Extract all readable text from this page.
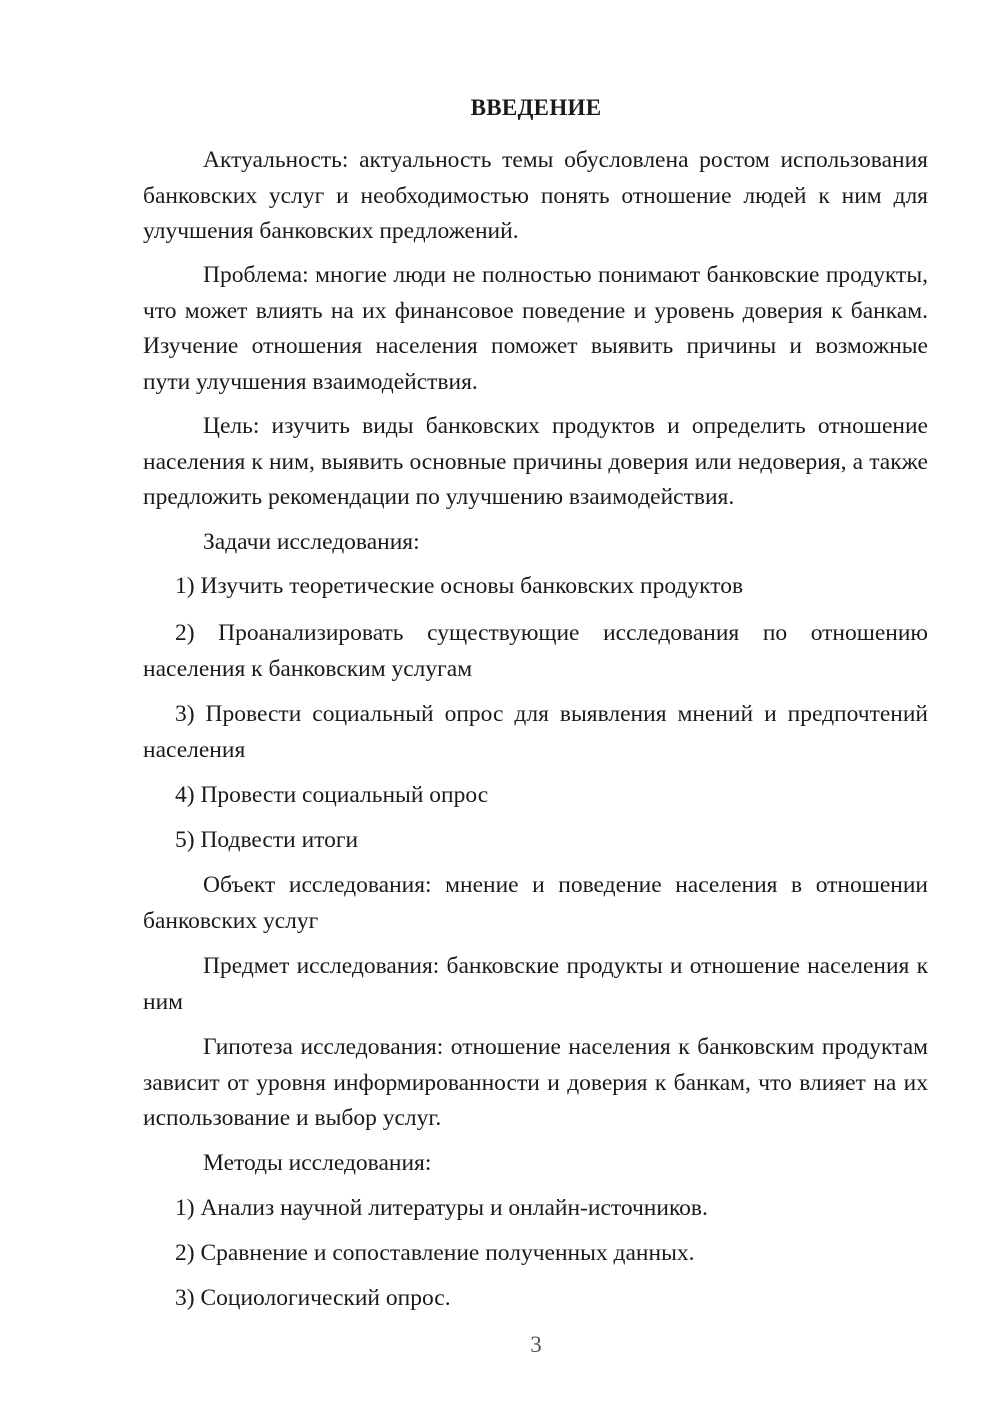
ВВЕДЕНИЕ
Актуальность: актуальность темы обусловлена ростом использования банковских услуг и необходимостью понять отношение людей к ним для улучшения банковских предложений.
Проблема: многие люди не полностью понимают банковские продукты, что может влиять на их финансовое поведение и уровень доверия к банкам. Изучение отношения населения поможет выявить причины и возможные пути улучшения взаимодействия.
Цель: изучить виды банковских продуктов и определить отношение населения к ним, выявить основные причины доверия или недоверия, а также предложить рекомендации по улучшению взаимодействия.
Задачи исследования:
1) Изучить теоретические основы банковских продуктов
2) Проанализировать существующие исследования по отношению населения к банковским услугам
3) Провести социальный опрос для выявления мнений и предпочтений населения
4) Провести социальный опрос
5) Подвести итоги
Объект исследования: мнение и поведение населения в отношении банковских услуг
Предмет исследования: банковские продукты и отношение населения к ним
Гипотеза исследования: отношение населения к банковским продуктам зависит от уровня информированности и доверия к банкам, что влияет на их использование и выбор услуг.
Методы исследования:
1) Анализ научной литературы и онлайн-источников.
2) Сравнение и сопоставление полученных данных.
3) Социологический опрос.
3
